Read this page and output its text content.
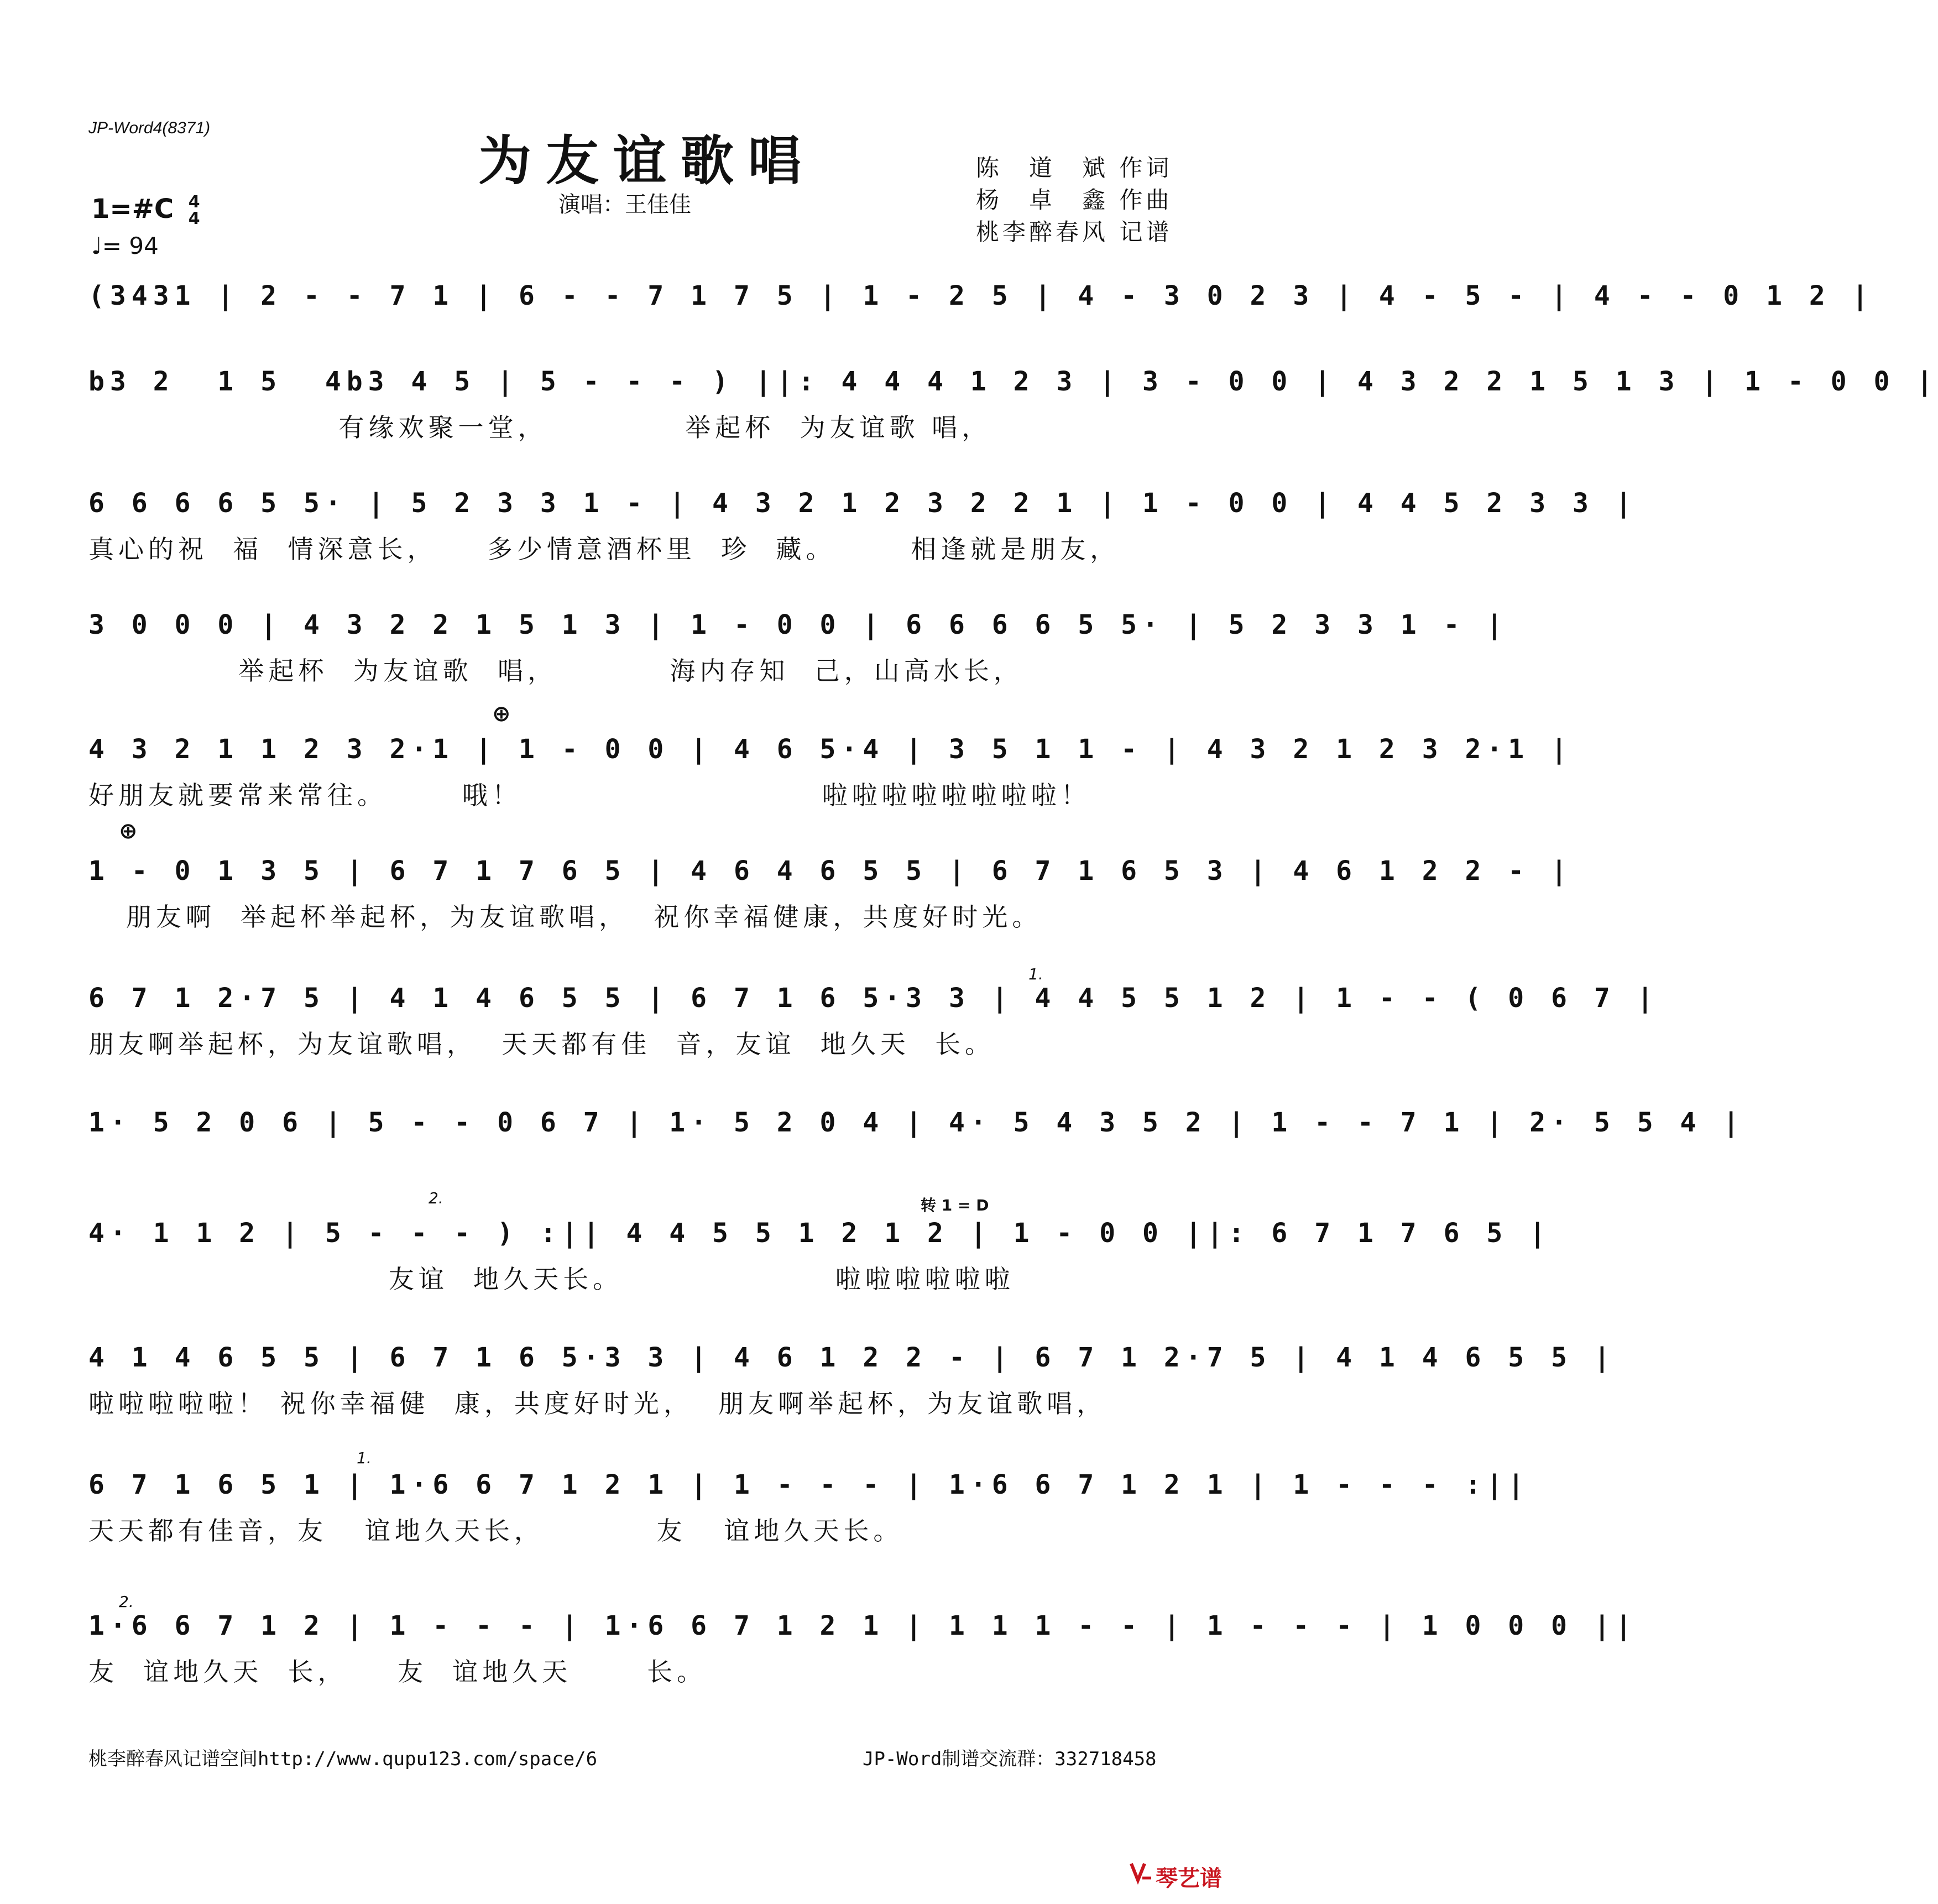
JP-Word4(8371)
为友谊歌唱
演唱：王佳佳
陈　道　斌 作词
杨　卓　鑫 作曲
桃李醉春风 记谱
1=#C 4
4
♩= 94
(3431 | 2 - - 7 1 | 6 - - 7 1 7 5 | 1 - 2 5 | 4 - 3 0 2 3 | 4 - 5 - | 4 - - 0 1 2 |
b3 2  1 5  4b3 4 5 | 5 - - - ) ||: 4 4 4 1 2 3 | 3 - 0 0 | 4 3 2 2 1 5 1 3 | 1 - 0 0 |
有缘欢聚一堂，           举起杯  为友谊歌 唱，
6 6 6 6 5 5· | 5 2 3 3 1 - | 4 3 2 1 2 3 2 2 1 | 1 - 0 0 | 4 4 5 2 3 3 |
真心的祝  福  情深意长，    多少情意酒杯里  珍  藏。      相逢就是朋友，
3 0 0 0 | 4 3 2 2 1 5 1 3 | 1 - 0 0 | 6 6 6 6 5 5· | 5 2 3 3 1 - |
举起杯  为友谊歌  唱，         海内存知  己，山高水长，
4 3 2 1 1 2 3 2·1 | 1 - 0 0 | 4 6 5·4 | 3 5 1 1 - | 4 3 2 1 2 3 2·1 |
好朋友就要常来常往。      哦！                        啦啦啦啦啦啦啦啦！
1 - 0 1 3 5 | 6 7 1 7 6 5 | 4 6 4 6 5 5 | 6 7 1 6 5 3 | 4 6 1 2 2 - |
朋友啊  举起杯举起杯，为友谊歌唱，  祝你幸福健康，共度好时光。
6 7 1 2·7 5 | 4 1 4 6 5 5 | 6 7 1 6 5·3 3 | 4 4 5 5 1 2 | 1 - - ( 0 6 7 |
朋友啊举起杯，为友谊歌唱，  天天都有佳  音，友谊  地久天  长。
1· 5 2 0 6 | 5 - - 0 6 7 | 1· 5 2 0 4 | 4· 5 4 3 5 2 | 1 - - 7 1 | 2· 5 5 4 |
4· 1 1 2 | 5 - - - ) :|| 4 4 5 5 1 2 1 2 | 1 - 0 0 ||: 6 7 1 7 6 5 |
友谊  地久天长。                 啦啦啦啦啦啦
4 1 4 6 5 5 | 6 7 1 6 5·3 3 | 4 6 1 2 2 - | 6 7 1 2·7 5 | 4 1 4 6 5 5 |
啦啦啦啦啦！ 祝你幸福健  康，共度好时光，  朋友啊举起杯，为友谊歌唱，
6 7 1 6 5 1 | 1·6 6 7 1 2 1 | 1 - - - | 1·6 6 7 1 2 1 | 1 - - - :||
天天都有佳音，友   谊地久天长，         友   谊地久天长。
1·6 6 7 1 2 | 1 - - - | 1·6 6 7 1 2 1 | 1 1 1 - - | 1 - - - | 1 0 0 0 ||
友  谊地久天  长，    友  谊地久天      长。
⊕
⊕
1.
2.	转 1 = D
1.
2.
桃李醉春风记谱空间http://www.qupu123.com/space/6	JP-Word制谱交流群：332718458
琴艺谱
